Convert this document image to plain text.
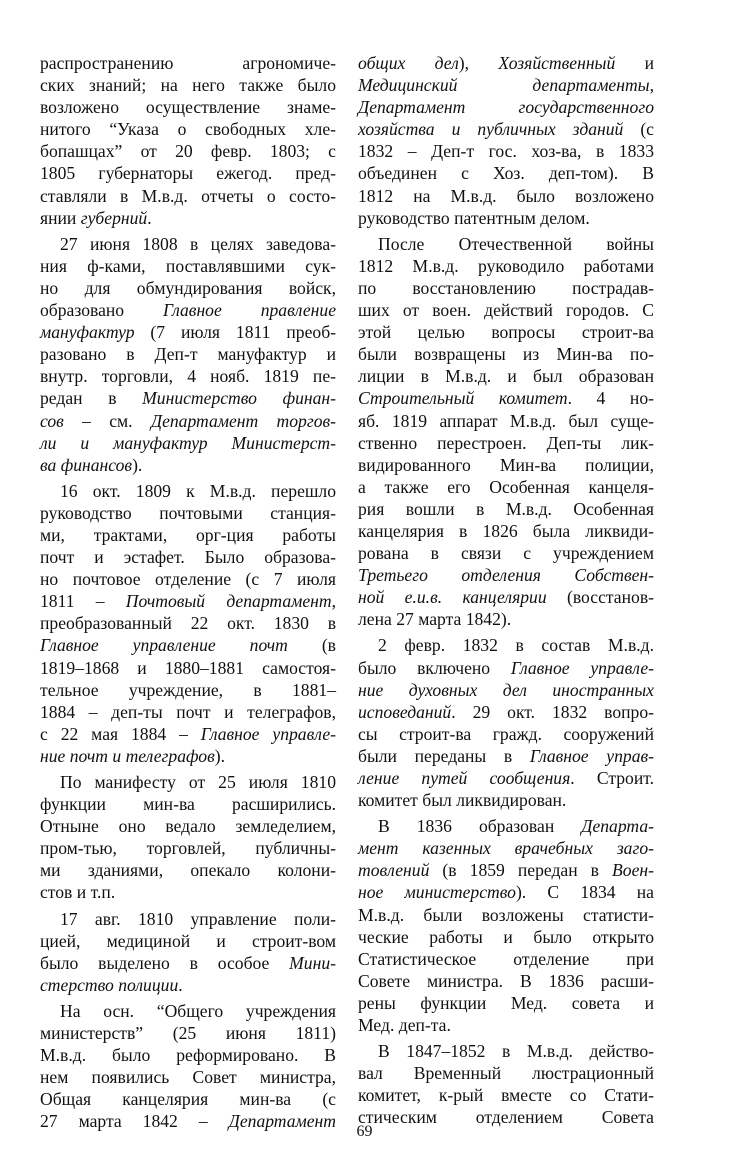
распространению агрономиче-
ских знаний; на него также было
возложено осуществление знаме-
нитого “Указа о свободных хле-
бопашцах” от 20 февр. 1803; с
1805 губернаторы ежегод. пред-
ставляли в М.в.д. отчеты о состо-
янии губерний.
27 июня 1808 в целях заведова-
ния ф-ками, поставлявшими сук-
но для обмундирования войск,
образовано Главное правление
мануфактур (7 июля 1811 преоб-
разовано в Деп-т мануфактур и
внутр. торговли, 4 нояб. 1819 пе-
редан в Министерство финан-
сов – см. Департамент торгов-
ли и мануфактур Министерст-
ва финансов).
16 окт. 1809 к М.в.д. перешло
руководство почтовыми станция-
ми, трактами, орг-ция работы
почт и эстафет. Было образова-
но почтовое отделение (с 7 июля
1811 – Почтовый департамент,
преобразованный 22 окт. 1830 в
Главное управление почт (в
1819–1868 и 1880–1881 самостоя-
тельное учреждение, в 1881–
1884 – деп-ты почт и телеграфов,
с 22 мая 1884 – Главное управле-
ние почт и телеграфов).
По манифесту от 25 июля 1810
функции мин-ва расширились.
Отныне оно ведало земледелием,
пром-тью, торговлей, публичны-
ми зданиями, опекало колони-
стов и т.п.
17 авг. 1810 управление поли-
цией, медициной и строит-вом
было выделено в особое Мини-
стерство полиции.
На осн. “Общего учреждения
министерств” (25 июня 1811)
М.в.д. было реформировано. В
нем появились Совет министра,
Общая канцелярия мин-ва (с
27 марта 1842 – Департамент
общих дел), Хозяйственный и
Медицинский департаменты,
Департамент государственного
хозяйства и публичных зданий (с
1832 – Деп-т гос. хоз-ва, в 1833
объединен с Хоз. деп-том). В
1812 на М.в.д. было возложено
руководство патентным делом.
После Отечественной войны
1812 М.в.д. руководило работами
по восстановлению пострадав-
ших от воен. действий городов. С
этой целью вопросы строит-ва
были возвращены из Мин-ва по-
лиции в М.в.д. и был образован
Строительный комитет. 4 но-
яб. 1819 аппарат М.в.д. был суще-
ственно перестроен. Деп-ты лик-
видированного Мин-ва полиции,
а также его Особенная канцеля-
рия вошли в М.в.д. Особенная
канцелярия в 1826 была ликвиди-
рована в связи с учреждением
Третьего отделения Собствен-
ной е.и.в. канцелярии (восстанов-
лена 27 марта 1842).
2 февр. 1832 в состав М.в.д.
было включено Главное управле-
ние духовных дел иностранных
исповеданий. 29 окт. 1832 вопро-
сы строит-ва гражд. сооружений
были переданы в Главное управ-
ление путей сообщения. Строит.
комитет был ликвидирован.
В 1836 образован Департа-
мент казенных врачебных заго-
товлений (в 1859 передан в Воен-
ное министерство). С 1834 на
М.в.д. были возложены статисти-
ческие работы и было открыто
Статистическое отделение при
Совете министра. В 1836 расши-
рены функции Мед. совета и
Мед. деп-та.
В 1847–1852 в М.в.д. действо-
вал Временный люстрационный
комитет, к-рый вместе со Стати-
стическим отделением Совета
69
